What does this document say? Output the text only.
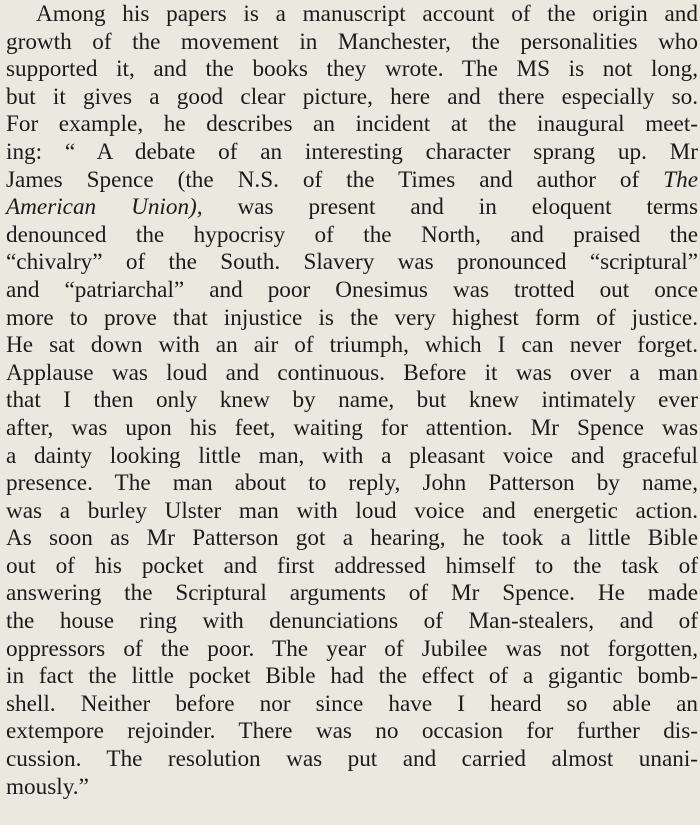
Among his papers is a manuscript account of the origin and
growth of the movement in Manchester, the personalities who
supported it, and the books they wrote. The MS is not long,
but it gives a good clear picture, here and there especially so.
For example, he describes an incident at the inaugural meet-
ing: “ A debate of an interesting character sprang up. Mr
James Spence (the N.S. of the Times and author of The
American Union), was present and in eloquent terms
denounced the hypocrisy of the North, and praised the
“chivalry” of the South. Slavery was pronounced “scriptural”
and “patriarchal” and poor Onesimus was trotted out once
more to prove that injustice is the very highest form of justice.
He sat down with an air of triumph, which I can never forget.
Applause was loud and continuous. Before it was over a man
that I then only knew by name, but knew intimately ever
after, was upon his feet, waiting for attention. Mr Spence was
a dainty looking little man, with a pleasant voice and graceful
presence. The man about to reply, John Patterson by name,
was a burley Ulster man with loud voice and energetic action.
As soon as Mr Patterson got a hearing, he took a little Bible
out of his pocket and first addressed himself to the task of
answering the Scriptural arguments of Mr Spence. He made
the house ring with denunciations of Man-stealers, and of
oppressors of the poor. The year of Jubilee was not forgotten,
in fact the little pocket Bible had the effect of a gigantic bomb-
shell. Neither before nor since have I heard so able an
extempore rejoinder. There was no occasion for further dis-
cussion. The resolution was put and carried almost unani-
mously.”
